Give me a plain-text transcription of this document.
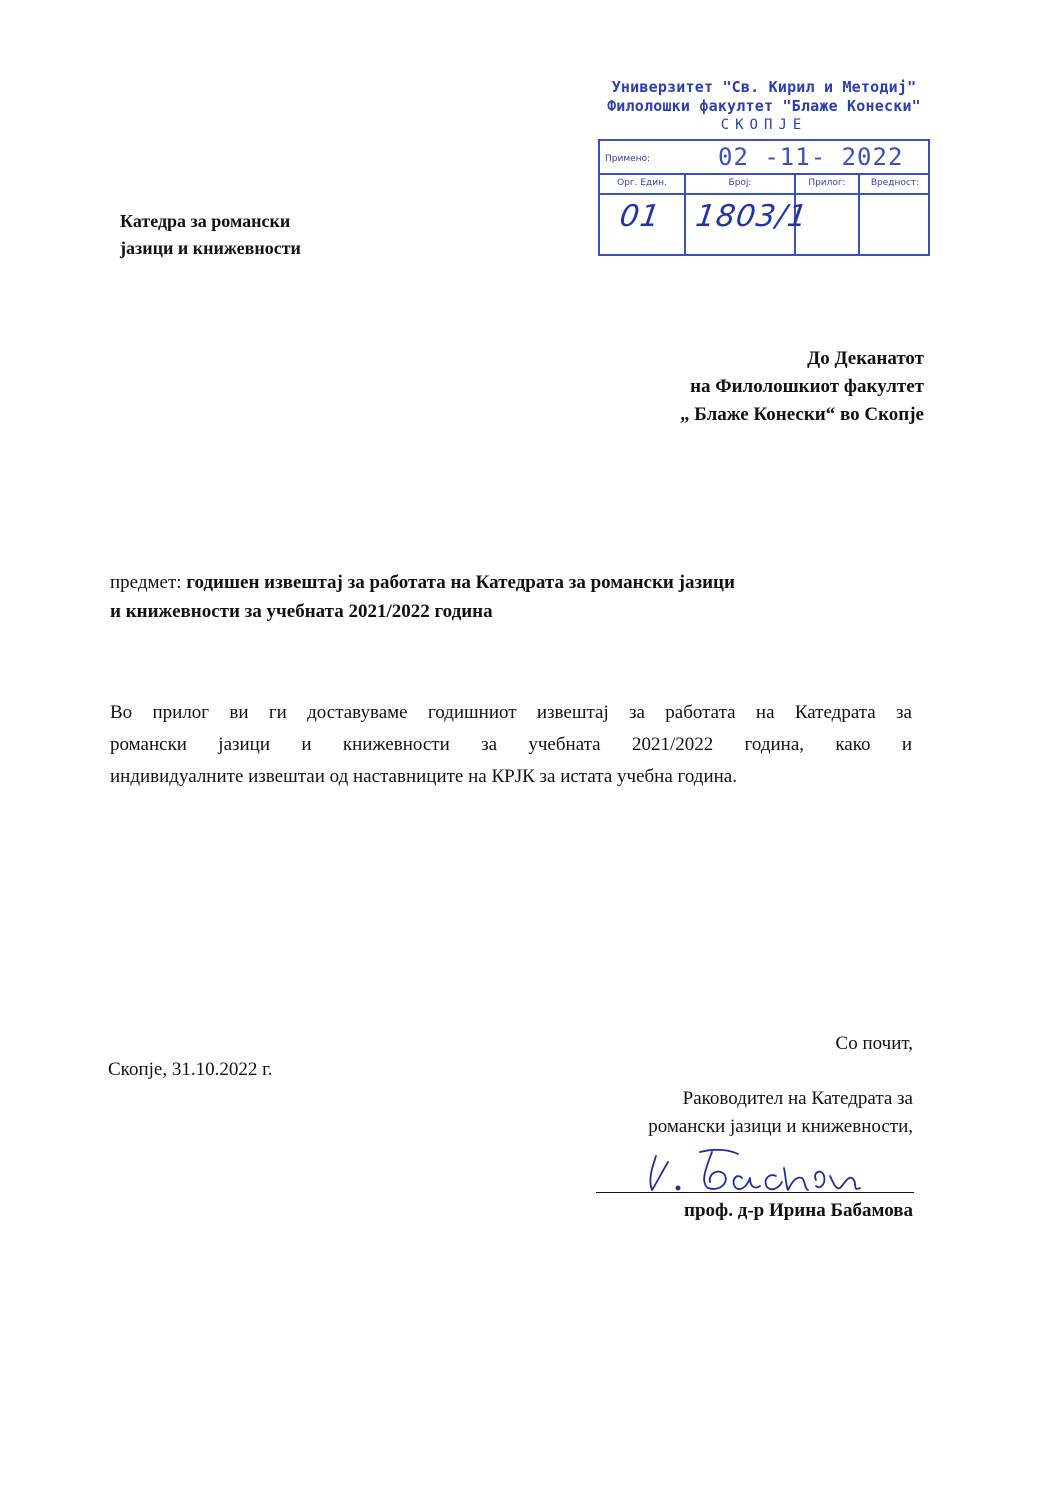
Универзитет "Св. Кирил и Методиј"
Филолошки факултет "Блаже Конески"
СКОПЈЕ
Примено:	02 -11- 2022
Орг. Един.	Број:	Прилог:	Вредност:
01 1803/1
Катедра за романски
јазици и книжевности
До Деканатот
на Филолошкиот факултет
„ Блаже Конески“ во Скопје
предмет: годишен извештај за работата на Катедрата за романски јазици
и книжевности за учебната 2021/2022 година
Во прилог ви ги доставуваме годишниот извештај за работата на Катедрата за
романски јазици и книжевности за учебната 2021/2022 година, како и
индивидуалните извештаи од наставниците на КРЈК за истата учебна година.
Со почит,
Скопје, 31.10.2022 г.
Раководител на Катедрата за
романски јазици и книжевности,
проф. д-р Ирина Бабамова
